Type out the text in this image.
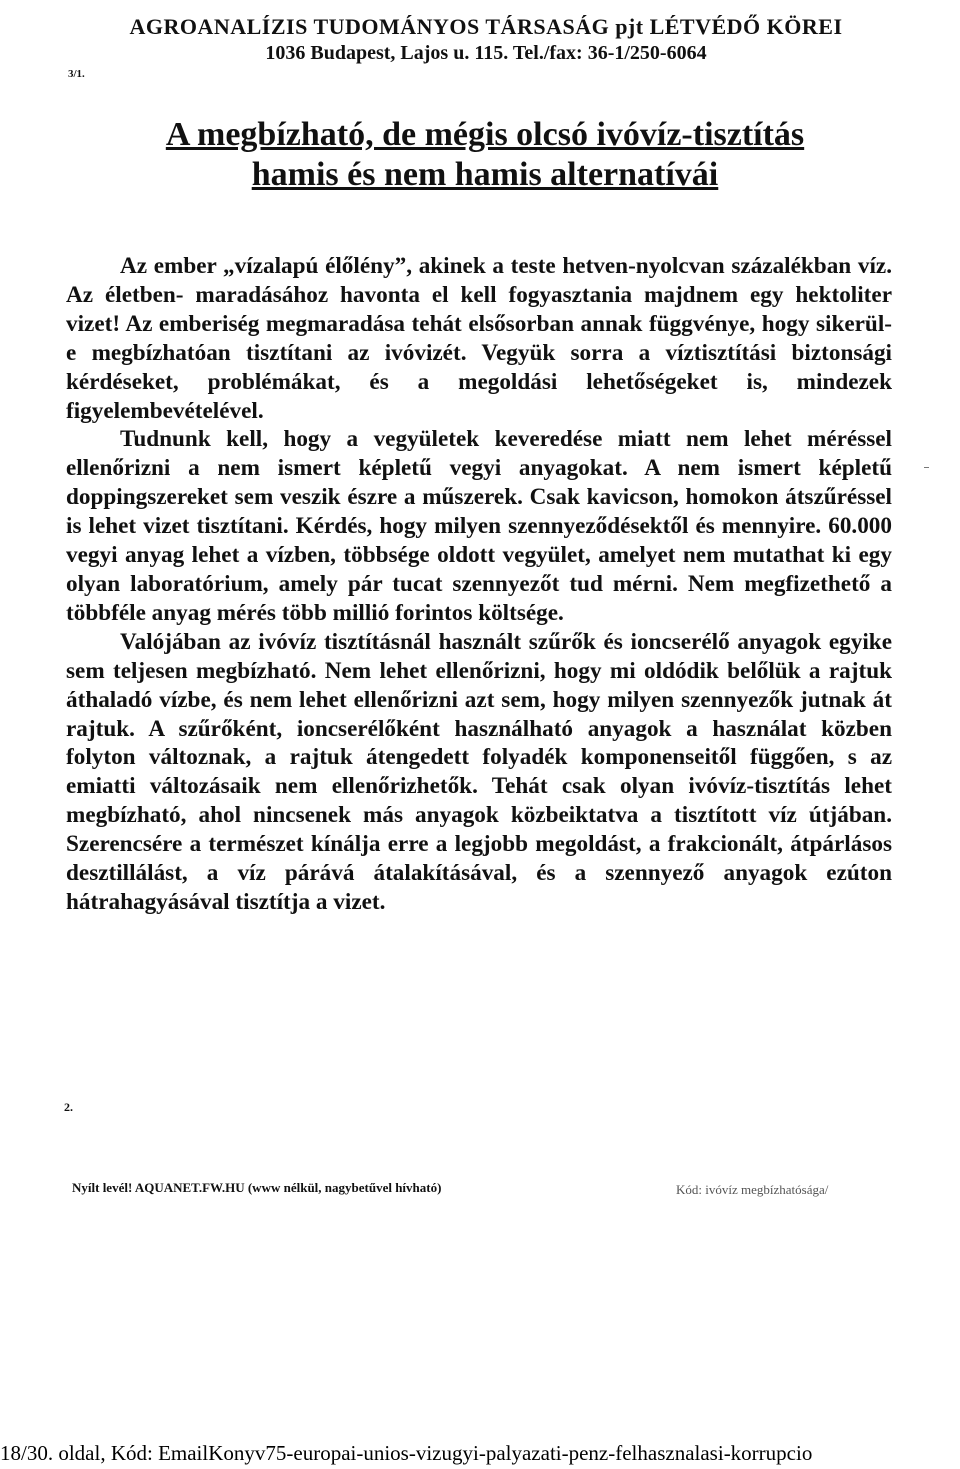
AGROANALÍZIS TUDOMÁNYOS TÁRSASÁG pjt LÉTVÉDŐ KÖREI
1036 Budapest, Lajos u. 115. Tel./fax: 36-1/250-6064
3/1.
A megbízható, de mégis olcsó ivóvíz-tisztítás
hamis és nem hamis alternatívái

Az ember „vízalapú élőlény”, akinek a teste hetven-nyolcvan százalékban víz. Az életben- maradásához havonta el kell fogyasztania majdnem egy hektoliter vizet! Az emberiség megmaradása tehát elsősorban annak függvénye, hogy sikerül-e megbízhatóan tisztítani az ivóvizét. Vegyük sorra a víztisztítási biztonsági kérdéseket, problémákat, és a megoldási lehetőségeket is, mindezek figyelembevételével.

Tudnunk kell, hogy a vegyületek keveredése miatt nem lehet méréssel ellenőrizni a nem ismert képletű vegyi anyagokat. A nem ismert képletű doppingszereket sem veszik észre a műszerek. Csak kavicson, homokon átszűréssel is lehet vizet tisztítani. Kérdés, hogy milyen szennyeződésektől és mennyire. 60.000 vegyi anyag lehet a vízben, többsége oldott vegyület, amelyet nem mutathat ki egy olyan laboratórium, amely pár tucat szennyezőt tud mérni. Nem megfizethető a többféle anyag mérés több millió forintos költsége.

Valójában az ivóvíz tisztításnál használt szűrők és ioncserélő anyagok egyike sem teljesen megbízható. Nem lehet ellenőrizni, hogy mi oldódik belőlük a rajtuk áthaladó vízbe, és nem lehet ellenőrizni azt sem, hogy milyen szennyezők jutnak át rajtuk. A szűrőként, ioncserélőként használható anyagok a használat közben folyton változnak, a rajtuk átengedett folyadék komponenseitől függően, s az emiatti változásaik nem ellenőrizhetők. Tehát csak olyan ivóvíz-tisztítás lehet megbízható, ahol nincsenek más anyagok közbeiktatva a tisztított víz útjában. Szerencsére a természet kínálja erre a legjobb megoldást, a frakcionált, átpárlásos desztillálást, a víz párává átalakításával, és a szennyező anyagok ezúton hátrahagyásával tisztítja a vizet.

2.
Nyílt levél! AQUANET.FW.HU (www nélkül, nagybetűvel hívható)	Kód: ivóvíz megbízhatósága/
18/30. oldal, Kód: EmailKonyv75-europai-unios-vizugyi-palyazati-penz-felhasznalasi-korrupcio
